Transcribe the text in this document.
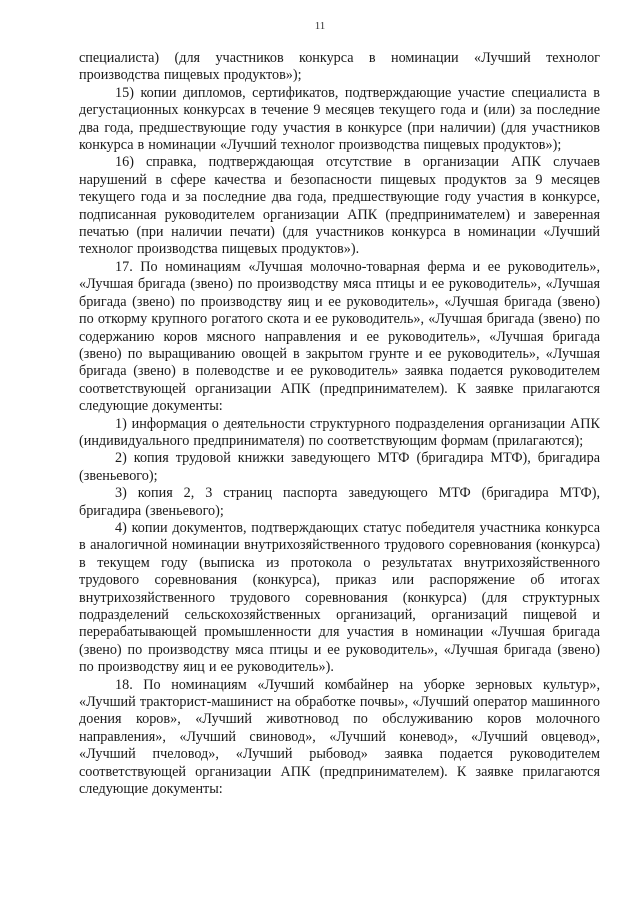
11

специалиста) (для участников конкурса в номинации «Лучший технолог производства пищевых продуктов»);

15) копии дипломов, сертификатов, подтверждающие участие специалиста в дегустационных конкурсах в течение 9 месяцев текущего года и (или) за последние два года, предшествующие году участия в конкурсе (при наличии) (для участников конкурса в номинации «Лучший технолог производства пищевых продуктов»);

16) справка, подтверждающая отсутствие в организации АПК случаев нарушений в сфере качества и безопасности пищевых продуктов за 9 месяцев текущего года и за последние два года, предшествующие году участия в конкурсе, подписанная руководителем организации АПК (предпринимателем) и заверенная печатью (при наличии печати) (для участников конкурса в номинации «Лучший технолог производства пищевых продуктов»).

17. По номинациям «Лучшая молочно-товарная ферма и ее руководитель», «Лучшая бригада (звено) по производству мяса птицы и ее руководитель», «Лучшая бригада (звено) по производству яиц и ее руководитель», «Лучшая бригада (звено) по откорму крупного рогатого скота и ее руководитель», «Лучшая бригада (звено) по содержанию коров мясного направления и ее руководитель», «Лучшая бригада (звено) по выращиванию овощей в закрытом грунте и ее руководитель», «Лучшая бригада (звено) в полеводстве и ее руководитель» заявка подается руководителем соответствующей организации АПК (предпринимателем). К заявке прилагаются следующие документы:

1) информация о деятельности структурного подразделения организации АПК (индивидуального предпринимателя) по соответствующим формам (прилагаются);

2) копия трудовой книжки заведующего МТФ (бригадира МТФ), бригадира (звеньевого);

3) копия 2, 3 страниц паспорта заведующего МТФ (бригадира МТФ), бригадира (звеньевого);

4) копии документов, подтверждающих статус победителя участника конкурса в аналогичной номинации внутрихозяйственного трудового соревнования (конкурса) в текущем году (выписка из протокола о результатах внутрихозяйственного трудового соревнования (конкурса), приказ или распоряжение об итогах внутрихозяйственного трудового соревнования (конкурса) (для структурных подразделений сельскохозяйственных организаций, организаций пищевой и перерабатывающей промышленности для участия в номинации «Лучшая бригада (звено) по производству мяса птицы и ее руководитель», «Лучшая бригада (звено) по производству яиц и ее руководитель»).

18. По номинациям «Лучший комбайнер на уборке зерновых культур», «Лучший тракторист-машинист на обработке почвы», «Лучший оператор машинного доения коров», «Лучший животновод по обслуживанию коров молочного направления», «Лучший свиновод», «Лучший коневод», «Лучший овцевод», «Лучший пчеловод», «Лучший рыбовод» заявка подается руководителем соответствующей организации АПК (предпринимателем). К заявке прилагаются следующие документы:
